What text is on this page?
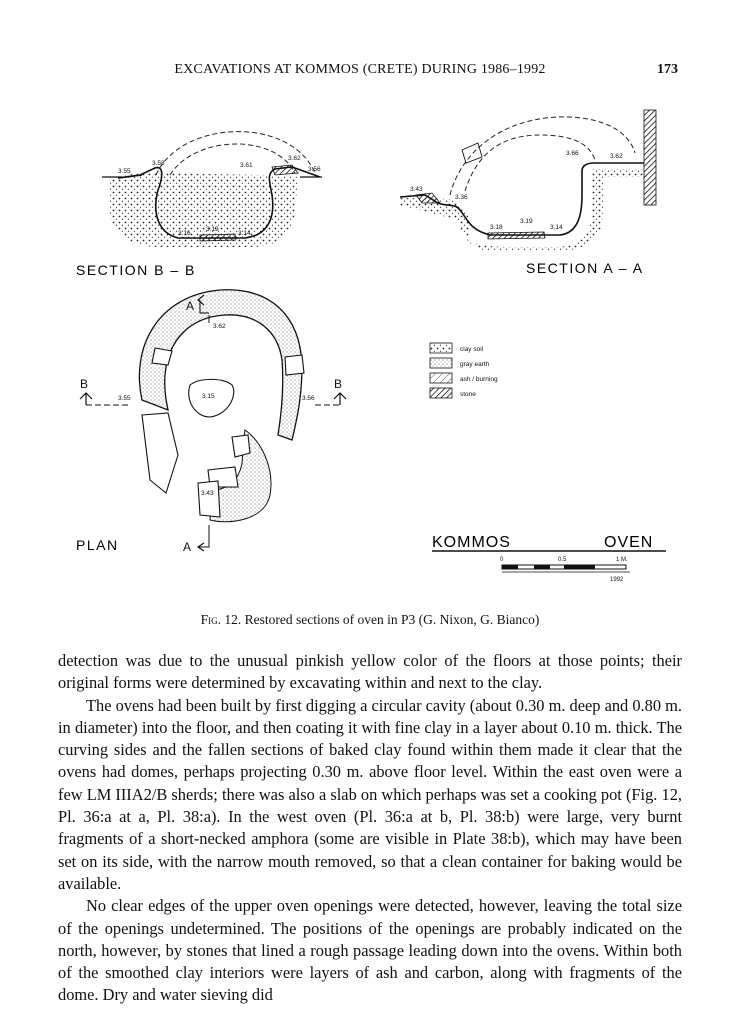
EXCAVATIONS AT KOMMOS (CRETE) DURING 1986–1992	173
3.55
3.58	3.61
3.62
3.56
3.16
3.19
3.14
SECTION B – B
3.43
3.36
3.66	3.62
3.18
3.19
3.14
SECTION A – A
A
B	B
A
3.62
3.55	3.56
3.15
3.43
PLAN
clay soil
gray earth
ash / burning
stone
KOMMOS	OVEN
0	0.5	1 M.
1992
Fig. 12. Restored sections of oven in P3 (G. Nixon, G. Bianco)

detection was due to the unusual pinkish yellow color of the floors at those points; their original forms were determined by excavating within and next to the clay.

The ovens had been built by first digging a circular cavity (about 0.30 m. deep and 0.80 m. in diameter) into the floor, and then coating it with fine clay in a layer about 0.10 m. thick. The curving sides and the fallen sections of baked clay found within them made it clear that the ovens had domes, perhaps projecting 0.30 m. above floor level. Within the east oven were a few LM IIIA2/B sherds; there was also a slab on which perhaps was set a cooking pot (Fig. 12, Pl. 36:a at a, Pl. 38:a). In the west oven (Pl. 36:a at b, Pl. 38:b) were large, very burnt fragments of a short-necked amphora (some are visible in Plate 38:b), which may have been set on its side, with the narrow mouth removed, so that a clean container for baking would be available.

No clear edges of the upper oven openings were detected, however, leaving the total size of the openings undetermined. The positions of the openings are probably indicated on the north, however, by stones that lined a rough passage leading down into the ovens. Within both of the smoothed clay interiors were layers of ash and carbon, along with fragments of the dome. Dry and water sieving did
